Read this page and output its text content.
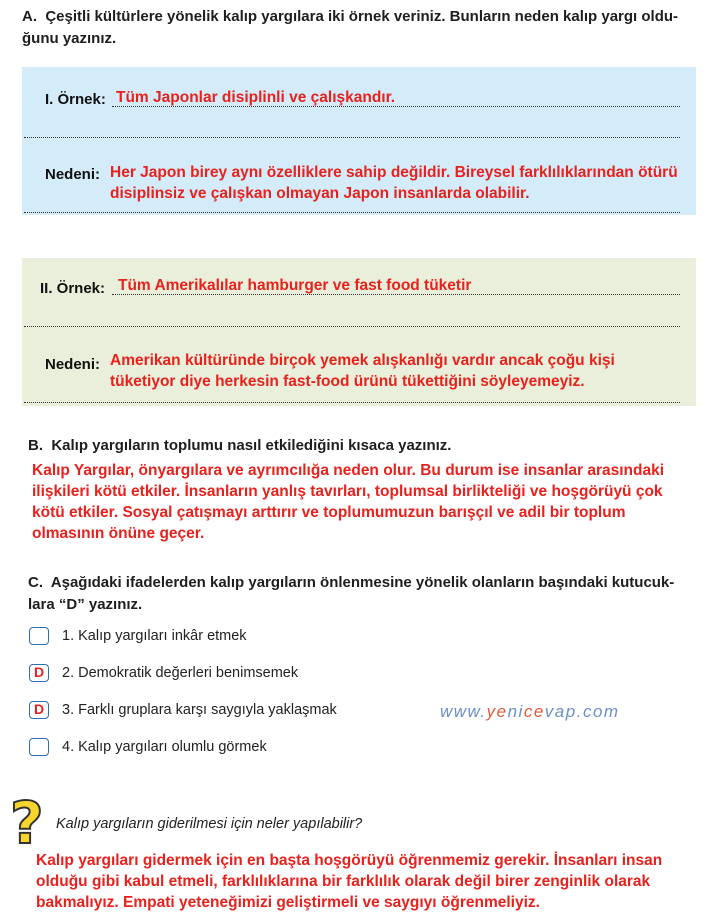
A. Çeşitli kültürlere yönelik kalıp yargılara iki örnek veriniz. Bunların neden kalıp yargı oldu-
ğunu yazınız.
I. Örnek: Tüm Japonlar disiplinli ve çalışkandır.
Nedeni: Her Japon birey aynı özelliklere sahip değildir. Bireysel farklılıklarından ötürü
disiplinsiz ve çalışkan olmayan Japon insanlarda olabilir.
II. Örnek: Tüm Amerikalılar hamburger ve fast food tüketir
Nedeni: Amerikan kültüründe birçok yemek alışkanlığı vardır ancak çoğu kişi
tüketiyor diye herkesin fast-food ürünü tükettiğini söyleyemeyiz.
B. Kalıp yargıların toplumu nasıl etkilediğini kısaca yazınız.
Kalıp Yargılar, önyargılara ve ayrımcılığa neden olur. Bu durum ise insanlar arasındaki
ilişkileri kötü etkiler. İnsanların yanlış tavırları, toplumsal birlikteliği ve hoşgörüyü çok
kötü etkiler. Sosyal çatışmayı arttırır ve toplumumuzun barışçıl ve adil bir toplum
olmasının önüne geçer.
C. Aşağıdaki ifadelerden kalıp yargıların önlenmesine yönelik olanların başındaki kutucuk-
lara “D” yazınız.
1. Kalıp yargıları inkâr etmek
D	2. Demokratik değerleri benimsemek
D	3. Farklı gruplara karşı saygıyla yaklaşmak
4. Kalıp yargıları olumlu görmek
www.yenicevap.com
? Kalıp yargıların giderilmesi için neler yapılabilir?
Kalıp yargıları gidermek için en başta hoşgörüyü öğrenmemiz gerekir. İnsanları insan
olduğu gibi kabul etmeli, farklılıklarına bir farklılık olarak değil birer zenginlik olarak
bakmalıyız. Empati yeteneğimizi geliştirmeli ve saygıyı öğrenmeliyiz.
